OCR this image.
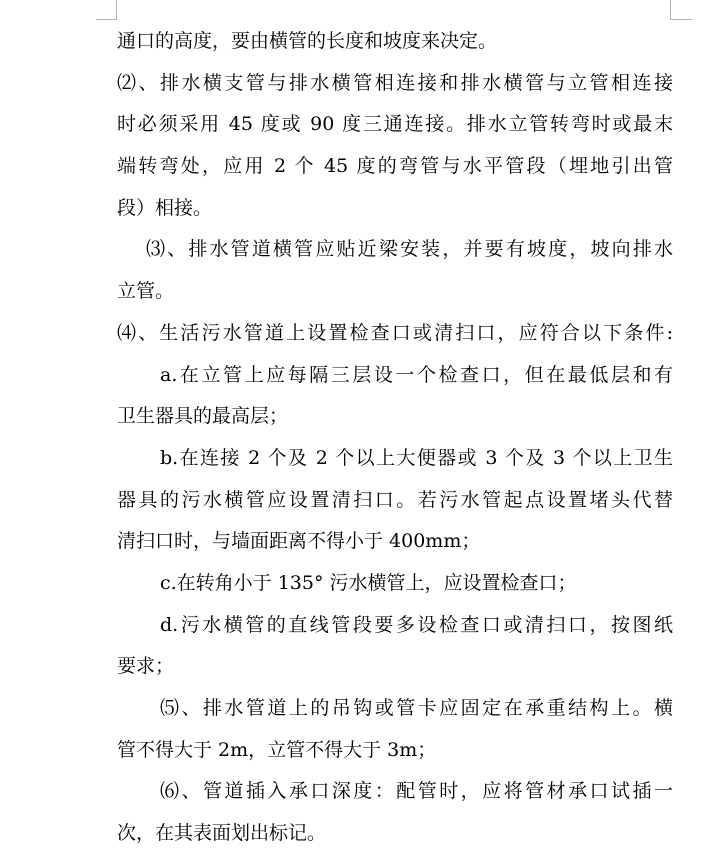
通口的高度，要由横管的长度和坡度来决定。
⑵、排水横支管与排水横管相连接和排水横管与立管相连接
时必须采用 45 度或 90 度三通连接。排水立管转弯时或最末
端转弯处，应用 2 个 45 度的弯管与水平管段（埋地引出管
段）相接。
⑶、排水管道横管应贴近梁安装，并要有坡度，坡向排水
立管。
⑷、生活污水管道上设置检查口或清扫口，应符合以下条件:
a.在立管上应每隔三层设一个检查口，但在最低层和有
卫生器具的最高层；
b.在连接 2 个及 2 个以上大便器或 3 个及 3 个以上卫生
器具的污水横管应设置清扫口。若污水管起点设置堵头代替
清扫口时，与墙面距离不得小于 400mm；
c.在转角小于 135° 污水横管上，应设置检查口；
d.污水横管的直线管段要多设检查口或清扫口，按图纸
要求；
⑸、排水管道上的吊钩或管卡应固定在承重结构上。横
管不得大于 2m，立管不得大于 3m；
⑹、管道插入承口深度：配管时，应将管材承口试插一
次，在其表面划出标记。
